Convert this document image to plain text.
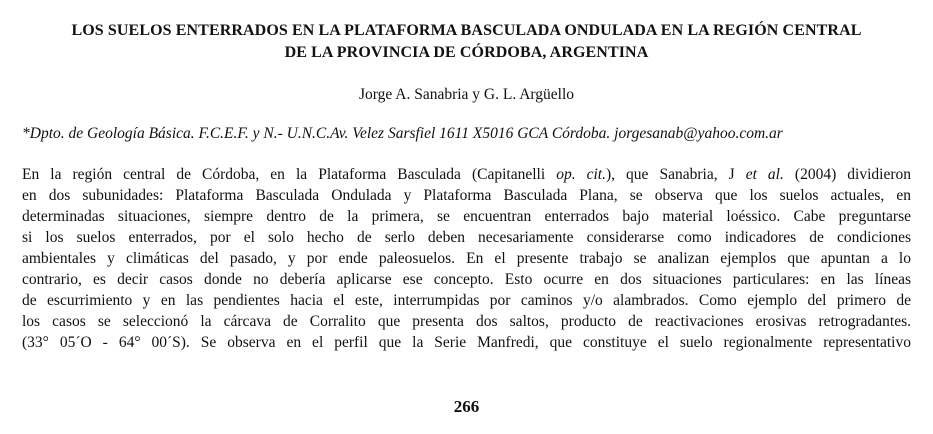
LOS SUELOS ENTERRADOS EN LA PLATAFORMA BASCULADA ONDULADA EN LA REGIÓN CENTRAL
DE LA PROVINCIA DE CÓRDOBA, ARGENTINA
Jorge A. Sanabria y G. L. Argüello
*Dpto. de Geología Básica. F.C.E.F. y N.- U.N.C.Av. Velez Sarsfiel 1611 X5016 GCA Córdoba. jorgesanab@yahoo.com.ar
En la región central de Córdoba, en la Plataforma Basculada (Capitanelli op. cit.), que Sanabria, J et al. (2004) dividieron
en dos subunidades: Plataforma Basculada Ondulada y Plataforma Basculada Plana, se observa que los suelos actuales, en
determinadas situaciones, siempre dentro de la primera, se encuentran enterrados bajo material loéssico. Cabe preguntarse
si los suelos enterrados, por el solo hecho de serlo deben necesariamente considerarse como indicadores de condiciones
ambientales y climáticas del pasado, y por ende paleosuelos. En el presente trabajo se analizan ejemplos que apuntan a lo
contrario, es decir casos donde no debería aplicarse ese concepto. Esto ocurre en dos situaciones particulares: en las líneas
de escurrimiento y en las pendientes hacia el este, interrumpidas por caminos y/o alambrados. Como ejemplo del primero de
los casos se seleccionó la cárcava de Corralito que presenta dos saltos, producto de reactivaciones erosivas retrogradantes.
(33° 05´O - 64° 00´S). Se observa en el perfil que la Serie Manfredi, que constituye el suelo regionalmente representativo
266
